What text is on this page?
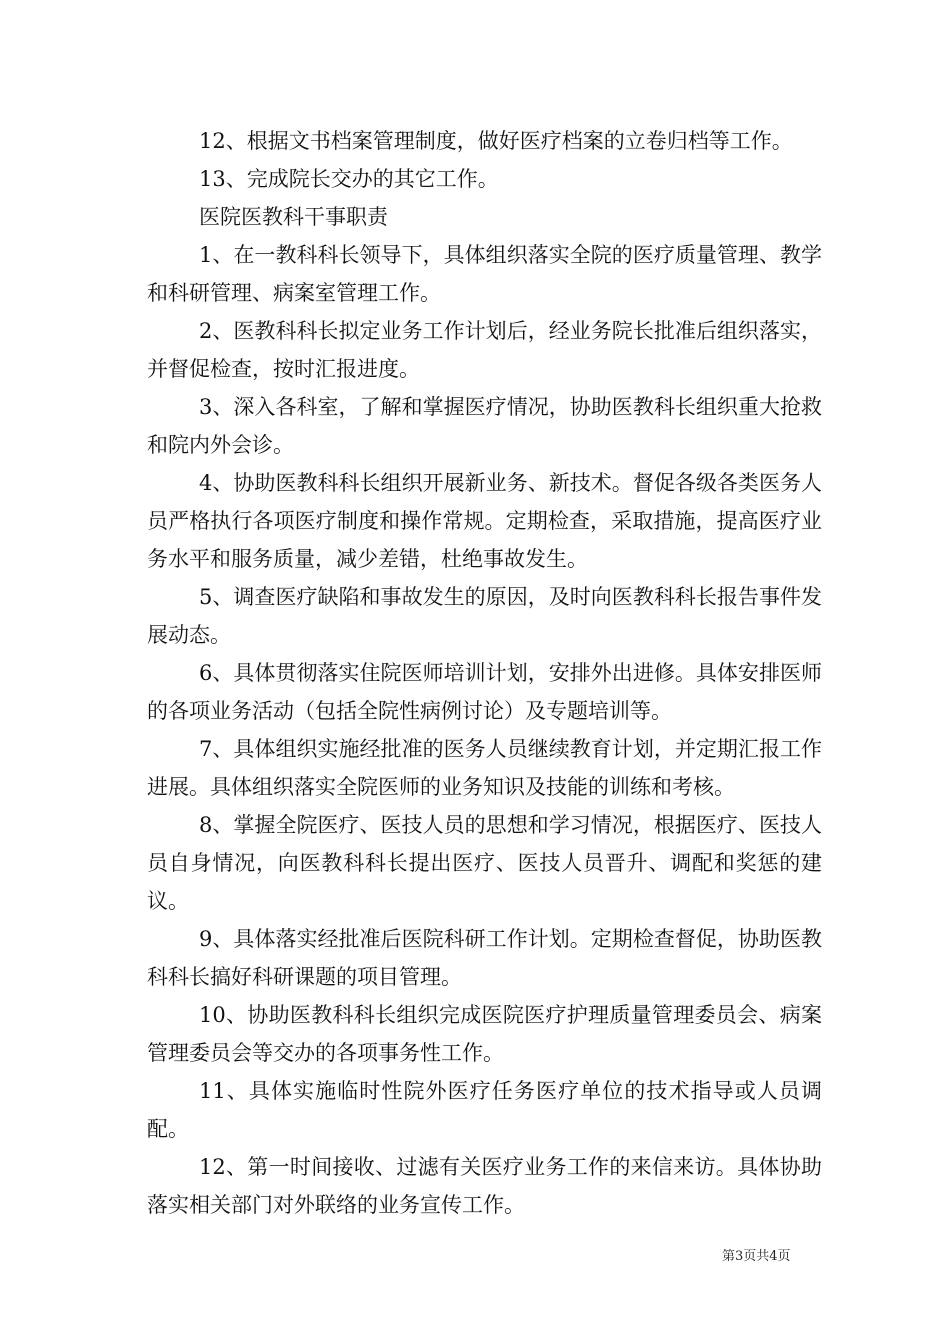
12、根据文书档案管理制度，做好医疗档案的立卷归档等工作。

13、完成院长交办的其它工作。

医院医教科干事职责

1、在一教科科长领导下，具体组织落实全院的医疗质量管理、教学和科研管理、病案室管理工作。

2、医教科科长拟定业务工作计划后，经业务院长批准后组织落实，并督促检查，按时汇报进度。

3、深入各科室，了解和掌握医疗情况，协助医教科长组织重大抢救和院内外会诊。

4、协助医教科科长组织开展新业务、新技术。督促各级各类医务人员严格执行各项医疗制度和操作常规。定期检查，采取措施，提高医疗业务水平和服务质量，减少差错，杜绝事故发生。

5、调查医疗缺陷和事故发生的原因，及时向医教科科长报告事件发展动态。

6、具体贯彻落实住院医师培训计划，安排外出进修。具体安排医师的各项业务活动（包括全院性病例讨论）及专题培训等。

7、具体组织实施经批准的医务人员继续教育计划，并定期汇报工作进展。具体组织落实全院医师的业务知识及技能的训练和考核。

8、掌握全院医疗、医技人员的思想和学习情况，根据医疗、医技人员自身情况，向医教科科长提出医疗、医技人员晋升、调配和奖惩的建议。

9、具体落实经批准后医院科研工作计划。定期检查督促，协助医教科科长搞好科研课题的项目管理。

10、协助医教科科长组织完成医院医疗护理质量管理委员会、病案管理委员会等交办的各项事务性工作。

11、具体实施临时性院外医疗任务医疗单位的技术指导或人员调配。

12、第一时间接收、过滤有关医疗业务工作的来信来访。具体协助落实相关部门对外联络的业务宣传工作。

第3页共4页
